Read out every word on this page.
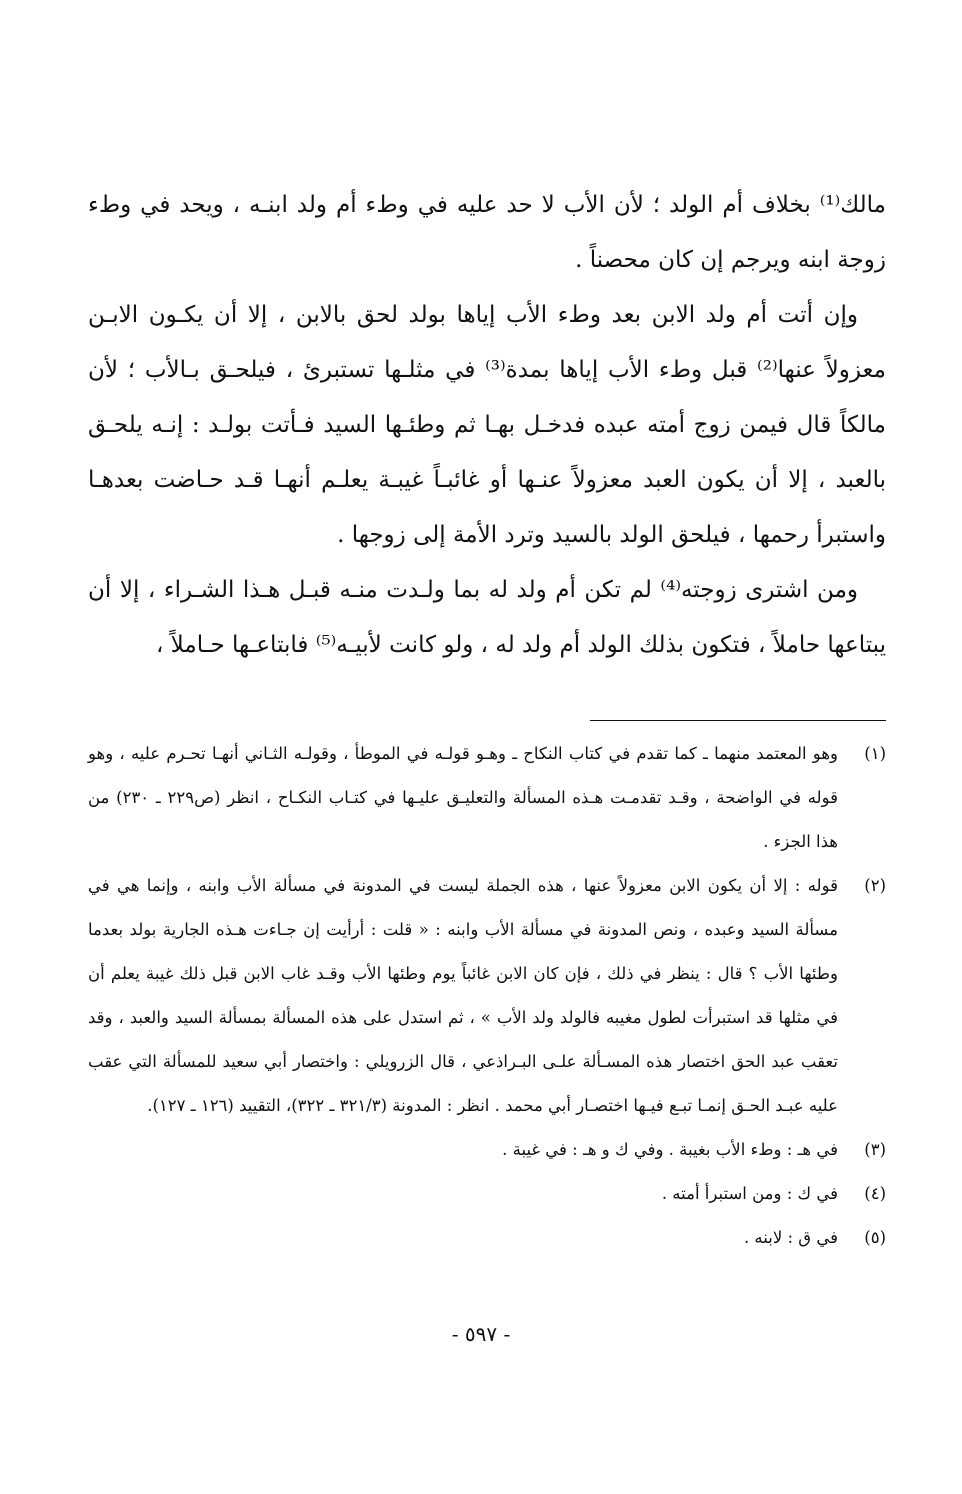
مالك⁽¹⁾ بخلاف أم الولد ؛ لأن الأب لا حد عليه في وطء أم ولد ابنـه ، ويحد في وطء زوجة ابنه ويرجم إن كان محصناً .

وإن أتت أم ولد الابن بعد وطء الأب إياها بولد لحق بالابن ، إلا أن يكـون الابـن معزولاً عنها⁽²⁾ قبل وطء الأب إياها بمدة⁽³⁾ في مثلـها تستبرئ ، فيلحـق بـالأب ؛ لأن مالكاً قال فيمن زوج أمته عبده فدخـل بهـا ثم وطئـها السيد فـأتت بولـد : إنـه يلحـق بالعبد ، إلا أن يكون العبد معزولاً عنـها أو غائبـاً غيبـة يعلـم أنهـا قـد حـاضت بعدهـا واستبرأ رحمها ، فيلحق الولد بالسيد وترد الأمة إلى زوجها .

ومن اشترى زوجته⁽⁴⁾ لم تكن أم ولد له بما ولـدت منـه قبـل هـذا الشـراء ، إلا أن يبتاعها حاملاً ، فتكون بذلك الولد أم ولد له ، ولو كانت لأبيـه⁽⁵⁾ فابتاعـها حـاملاً ،

(١)
وهو المعتمد منهما ـ كما تقدم في كتاب النكاح ـ وهـو قولـه في الموطأ ، وقولـه الثـاني أنهـا تحـرم عليه ، وهو قوله في الواضحة ، وقـد تقدمـت هـذه المسألة والتعليـق عليـها في كتـاب النكـاح ، انظر (ص٢٢٩ ـ ٢٣٠) من هذا الجزء .
(٢)
قوله : إلا أن يكون الابن معزولاً عنها ، هذه الجملة ليست في المدونة في مسألة الأب وابنه ، وإنما هي في مسألة السيد وعبده ، ونص المدونة في مسألة الأب وابنه : « قلت : أرأيت إن جـاءت هـذه الجارية بولد بعدما وطئها الأب ؟ قال : ينظر في ذلك ، فإن كان الابن غائباً يوم وطئها الأب وقـد غاب الابن قبل ذلك غيبة يعلم أن في مثلها قد استبرأت لطول مغيبه فالولد ولد الأب » ، ثم استدل على هذه المسألة بمسألة السيد والعبد ، وقد تعقب عبد الحق اختصار هذه المسـألة علـى البـراذعي ، قال الزرويلي : واختصار أبي سعيد للمسألة التي عقب عليه عبـد الحـق إنمـا تبـع فيـها اختصـار أبي محمد . انظر : المدونة (٣٢١/٣ ـ ٣٢٢)، التقييد (١٢٦ ـ ١٢٧).
(٣)
في هـ : وطء الأب بغيبة . وفي ك و هـ : في غيبة .
(٤)
في ك : ومن استبرأ أمته .
(٥)
في ق : لابنه .
- ٥٩٧ -
